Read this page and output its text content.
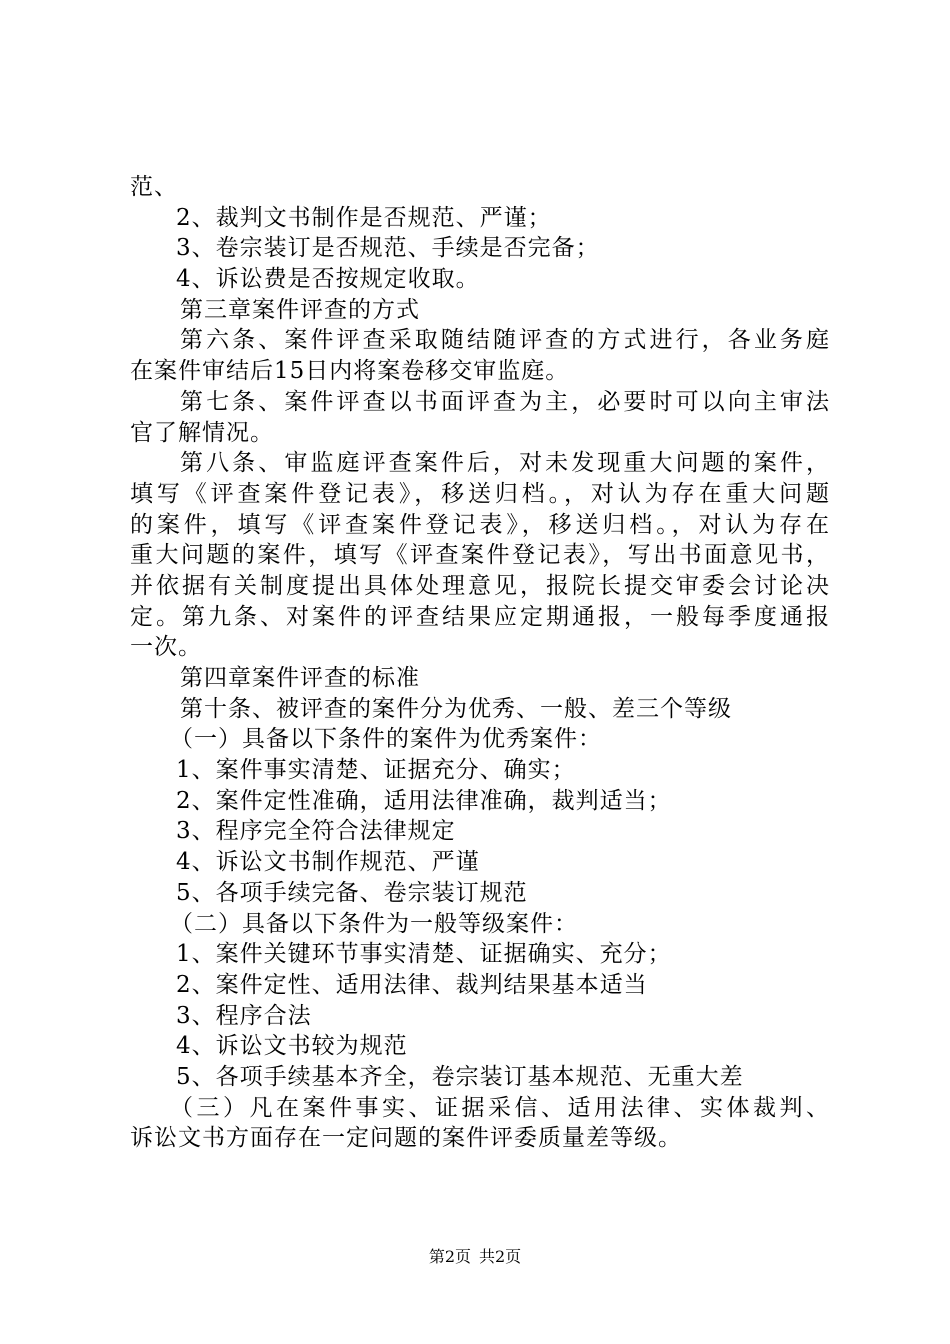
范、
2、裁判文书制作是否规范、严谨；
3、卷宗装订是否规范、手续是否完备；
4、诉讼费是否按规定收取。
第三章案件评查的方式
第六条、案件评查采取随结随评查的方式进行，各业务庭
在案件审结后15日内将案卷移交审监庭。
第七条、案件评查以书面评查为主，必要时可以向主审法
官了解情况。
第八条、审监庭评查案件后，对未发现重大问题的案件，
填写《评查案件登记表》，移送归档。，对认为存在重大问题
的案件，填写《评查案件登记表》，移送归档。，对认为存在
重大问题的案件，填写《评查案件登记表》，写出书面意见书，
并依据有关制度提出具体处理意见，报院长提交审委会讨论决
定。第九条、对案件的评查结果应定期通报，一般每季度通报
一次。
第四章案件评查的标准
第十条、被评查的案件分为优秀、一般、差三个等级
（一）具备以下条件的案件为优秀案件：
1、案件事实清楚、证据充分、确实；
2、案件定性准确，适用法律准确，裁判适当；
3、程序完全符合法律规定
4、诉讼文书制作规范、严谨
5、各项手续完备、卷宗装订规范
（二）具备以下条件为一般等级案件：
1、案件关键环节事实清楚、证据确实、充分；
2、案件定性、适用法律、裁判结果基本适当
3、程序合法
4、诉讼文书较为规范
5、各项手续基本齐全，卷宗装订基本规范、无重大差
（三）凡在案件事实、证据采信、适用法律、实体裁判、
诉讼文书方面存在一定问题的案件评委质量差等级。
第2页 共2页
